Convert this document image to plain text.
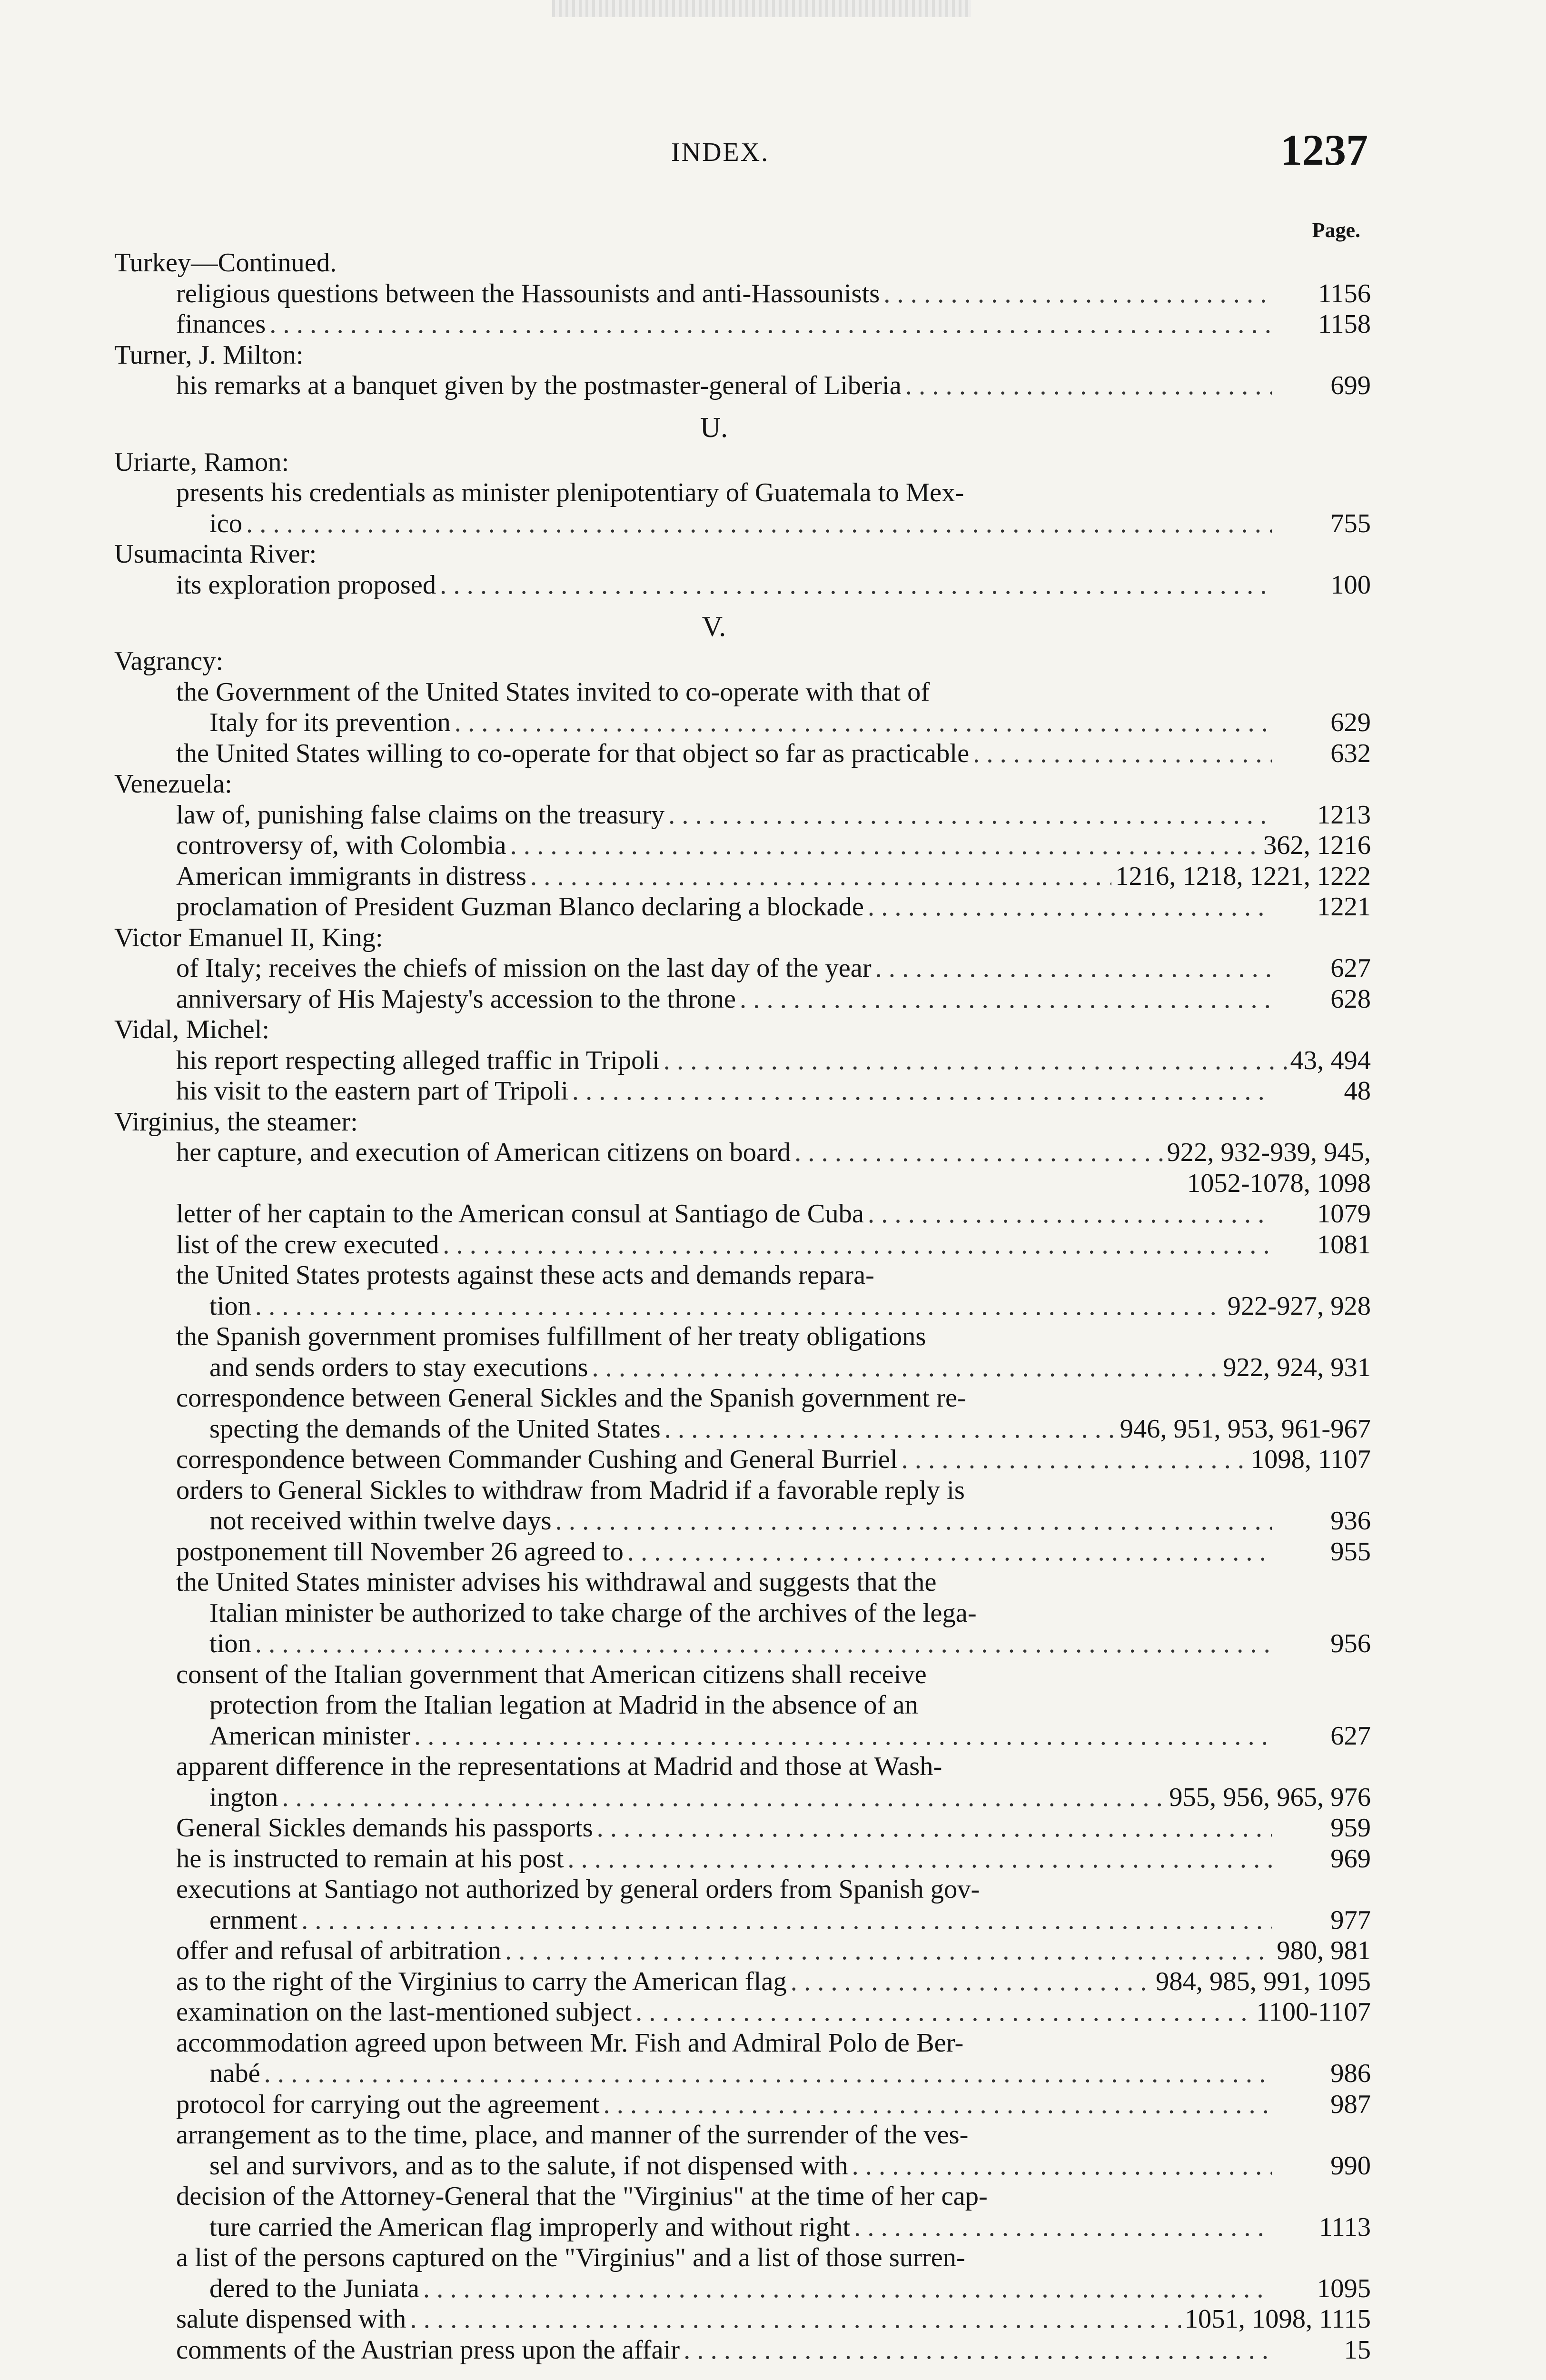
INDEX.	1237
Page.
Turkey—Continued.
religious questions between the Hassounists and anti-Hassounists . . .	1156
finances . . .	1158
Turner, J. Milton:
his remarks at a banquet given by the postmaster-general of Liberia . . .	699
U.
Uriarte, Ramon:
presents his credentials as minister plenipotentiary of Guatemala to Mex-
ico . . .	755
Usumacinta River:
its exploration proposed . . .	100
V.
Vagrancy:
the Government of the United States invited to co-operate with that of
Italy for its prevention . . .	629
the United States willing to co-operate for that object so far as practicable . . .	632
Venezuela:
law of, punishing false claims on the treasury . . .	1213
controversy of, with Colombia . . .	362, 1216
American immigrants in distress . . .	1216, 1218, 1221, 1222
proclamation of President Guzman Blanco declaring a blockade . . .	1221
Victor Emanuel II, King:
of Italy; receives the chiefs of mission on the last day of the year . . .	627
anniversary of His Majesty's accession to the throne . . .	628
Vidal, Michel:
his report respecting alleged traffic in Tripoli . . .	43, 494
his visit to the eastern part of Tripoli . . .	48
Virginius, the steamer:
her capture, and execution of American citizens on board . . .	922, 932-939, 945,
1052-1078, 1098
letter of her captain to the American consul at Santiago de Cuba . . .	1079
list of the crew executed . . .	1081
the United States protests against these acts and demands repara-
tion . . .	922-927, 928
the Spanish government promises fulfillment of her treaty obligations
and sends orders to stay executions . . .	922, 924, 931
correspondence between General Sickles and the Spanish government re-
specting the demands of the United States . . .	946, 951, 953, 961-967
correspondence between Commander Cushing and General Burriel . . .	1098, 1107
orders to General Sickles to withdraw from Madrid if a favorable reply is
not received within twelve days . . .	936
postponement till November 26 agreed to . . .	955
the United States minister advises his withdrawal and suggests that the
Italian minister be authorized to take charge of the archives of the lega-
tion . . .	956
consent of the Italian government that American citizens shall receive
protection from the Italian legation at Madrid in the absence of an
American minister . . .	627
apparent difference in the representations at Madrid and those at Wash-
ington . . .	955, 956, 965, 976
General Sickles demands his passports . . .	959
he is instructed to remain at his post . . .	969
executions at Santiago not authorized by general orders from Spanish gov-
ernment . . .	977
offer and refusal of arbitration . . .	980, 981
as to the right of the Virginius to carry the American flag . . .	984, 985, 991, 1095
examination on the last-mentioned subject . . .	1100-1107
accommodation agreed upon between Mr. Fish and Admiral Polo de Ber-
nabé . . .	986
protocol for carrying out the agreement . . .	987
arrangement as to the time, place, and manner of the surrender of the ves-
sel and survivors, and as to the salute, if not dispensed with . . .	990
decision of the Attorney-General that the "Virginius" at the time of her cap-
ture carried the American flag improperly and without right . . .	1113
a list of the persons captured on the "Virginius" and a list of those surren-
dered to the Juniata . . .	1095
salute dispensed with . . .	1051, 1098, 1115
comments of the Austrian press upon the affair . . .	15
